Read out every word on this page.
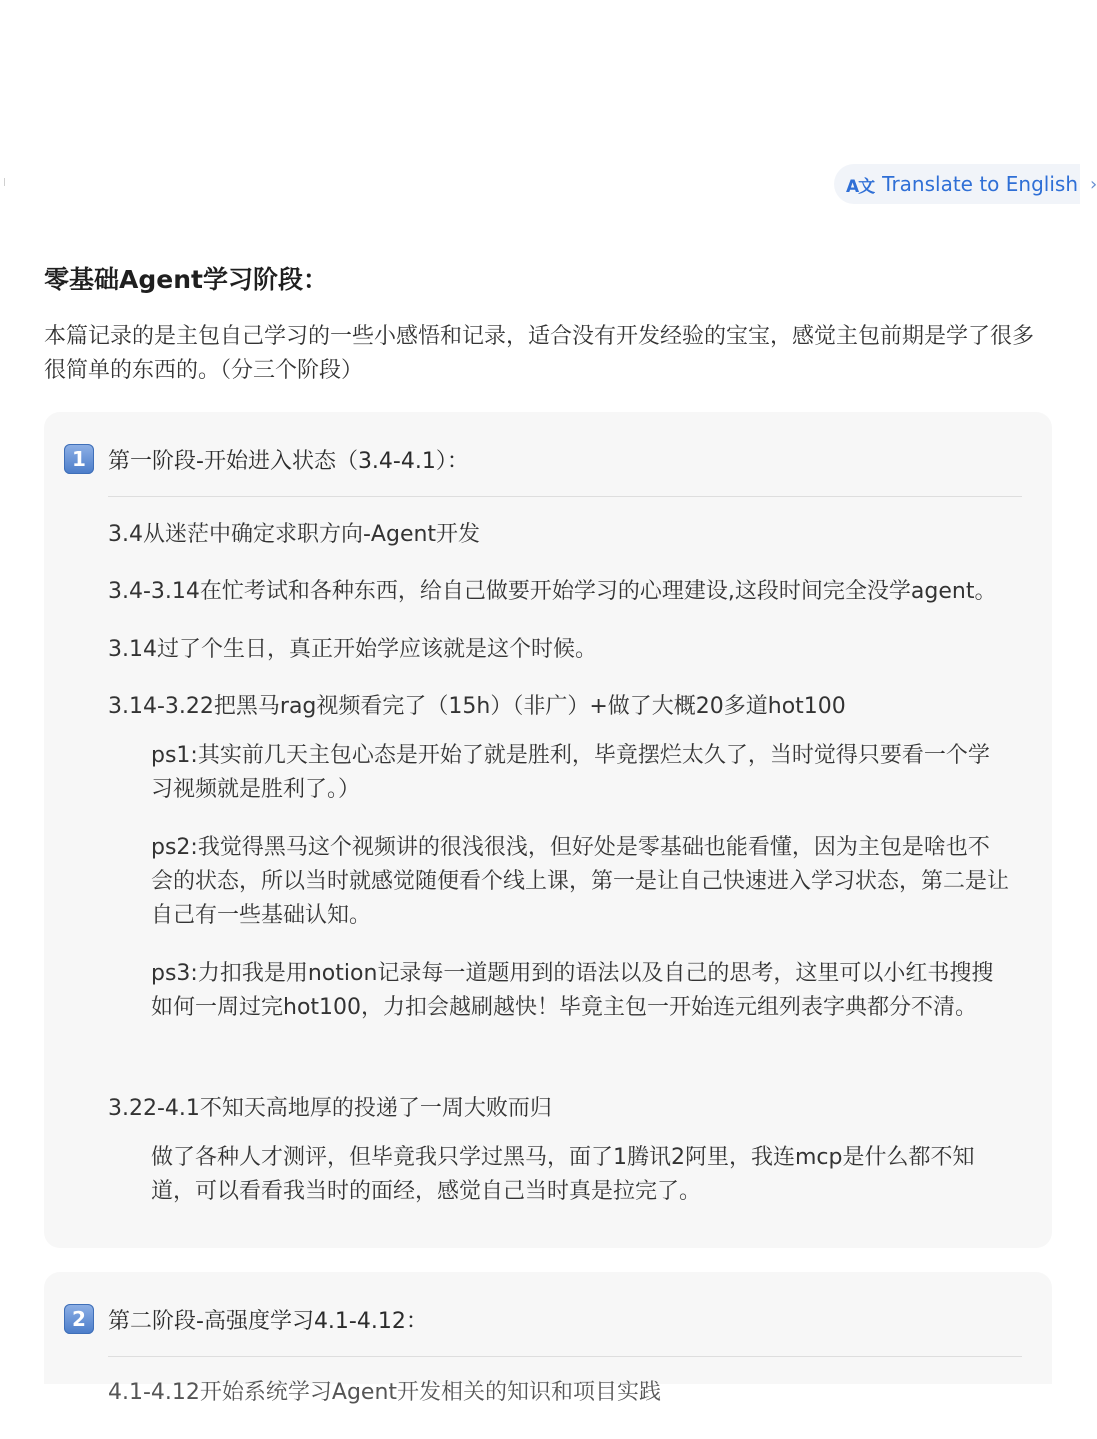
A文 Translate to English ›
零基础Agent学习阶段：

本篇记录的是主包自己学习的一些小感悟和记录，适合没有开发经验的宝宝，感觉主包前期是学了很多很简单的东西的。（分三个阶段）

1	第一阶段-开始进入状态（3.4-4.1）：

3.4从迷茫中确定求职方向-Agent开发

3.4-3.14在忙考试和各种东西，给自己做要开始学习的心理建设,这段时间完全没学agent。

3.14过了个生日，真正开始学应该就是这个时候。

3.14-3.22把黑马rag视频看完了（15h）（非广）+做了大概20多道hot100

ps1:其实前几天主包心态是开始了就是胜利，毕竟摆烂太久了，当时觉得只要看一个学习视频就是胜利了。）

ps2:我觉得黑马这个视频讲的很浅很浅，但好处是零基础也能看懂，因为主包是啥也不会的状态，所以当时就感觉随便看个线上课，第一是让自己快速进入学习状态，第二是让自己有一些基础认知。

ps3:力扣我是用notion记录每一道题用到的语法以及自己的思考，这里可以小红书搜搜如何一周过完hot100，力扣会越刷越快！毕竟主包一开始连元组列表字典都分不清。

3.22-4.1不知天高地厚的投递了一周大败而归

做了各种人才测评，但毕竟我只学过黑马，面了1腾讯2阿里，我连mcp是什么都不知道，可以看看我当时的面经，感觉自己当时真是拉完了。

2	第二阶段-高强度学习4.1-4.12：
4.1-4.12开始系统学习Agent开发相关的知识和项目实践
